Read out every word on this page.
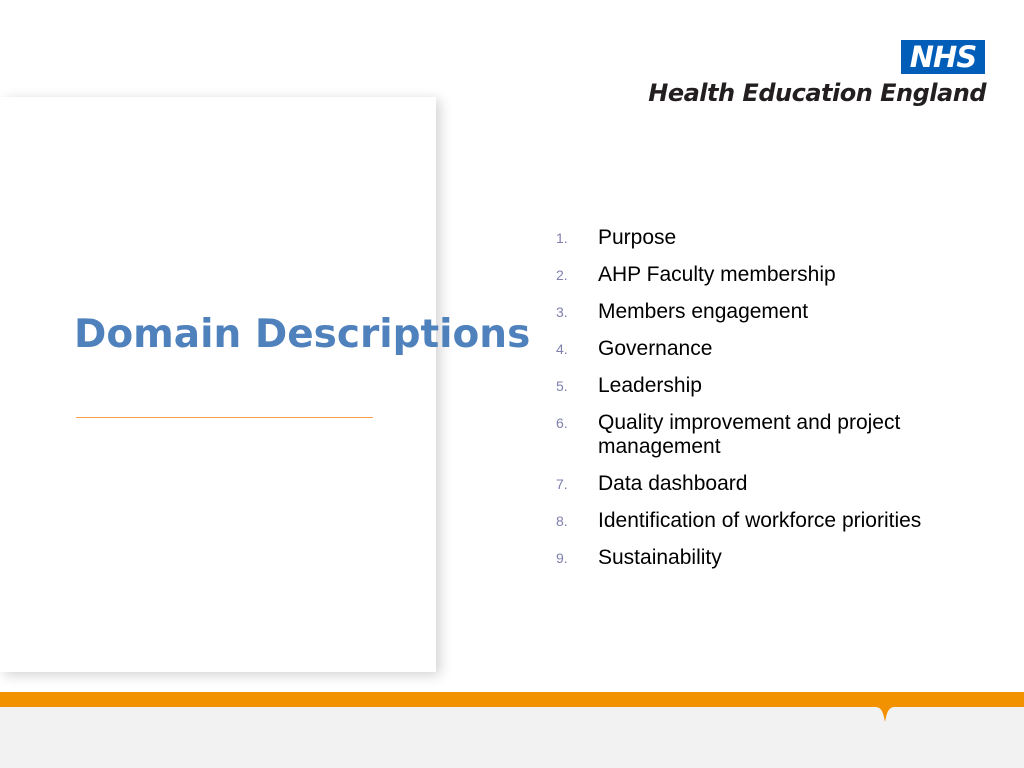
Domain Descriptions
NHS
Health Education England
1.	Purpose
2.	AHP Faculty membership
3.	Members engagement
4.	Governance
5.	Leadership
6.	Quality improvement and project management
7.	Data dashboard
8.	Identification of workforce priorities
9.	Sustainability
